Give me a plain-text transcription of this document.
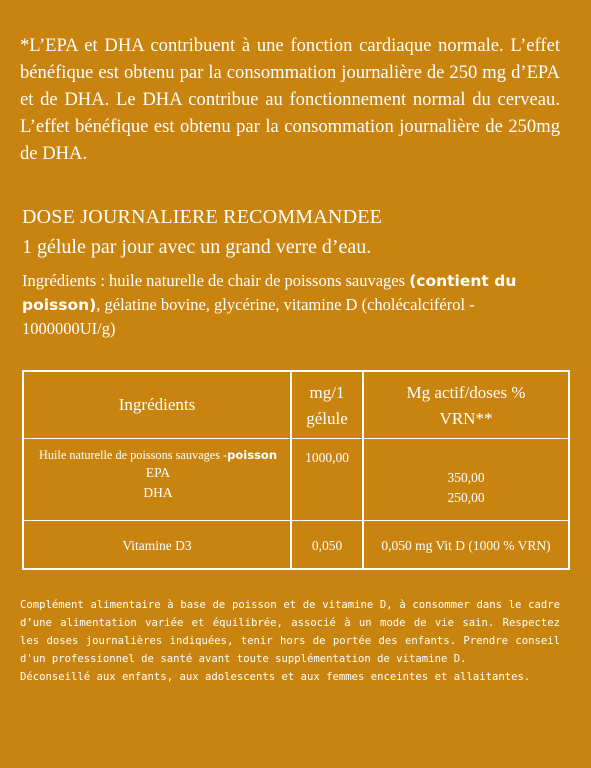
*L’EPA et DHA contribuent à une fonction cardiaque normale. L’effet bénéfique est obtenu par la consommation journalière de 250 mg d’EPA et de DHA. Le DHA contribue au fonctionnement normal du cerveau. L’effet bénéfique est obtenu par la consommation journalière de 250mg de DHA.

DOSE JOURNALIERE RECOMMANDEE

1 gélule par jour avec un grand verre d’eau.

Ingrédients : huile naturelle de chair de poissons sauvages (contient du poisson), gélatine bovine, glycérine, vitamine D (cholécalciférol - 1000000UI/g)

Ingrédients
mg/1
gélule
Mg actif/doses %
VRN**
Huile naturelle de poissons sauvages -poisson
EPA
DHA
1000,00
350,00
250,00
Vitamine D3	0,050	0,050 mg Vit D (1000 % VRN)

Complément alimentaire à base de poisson et de vitamine D, à consommer dans le cadre d’une alimentation variée et équilibrée, associé à un mode de vie sain. Respectez les doses journalières indiquées, tenir hors de portée des enfants. Prendre conseil d'un professionnel de santé avant toute supplémentation de vitamine D.

Déconseillé aux enfants, aux adolescents et aux femmes enceintes et allaitantes.
